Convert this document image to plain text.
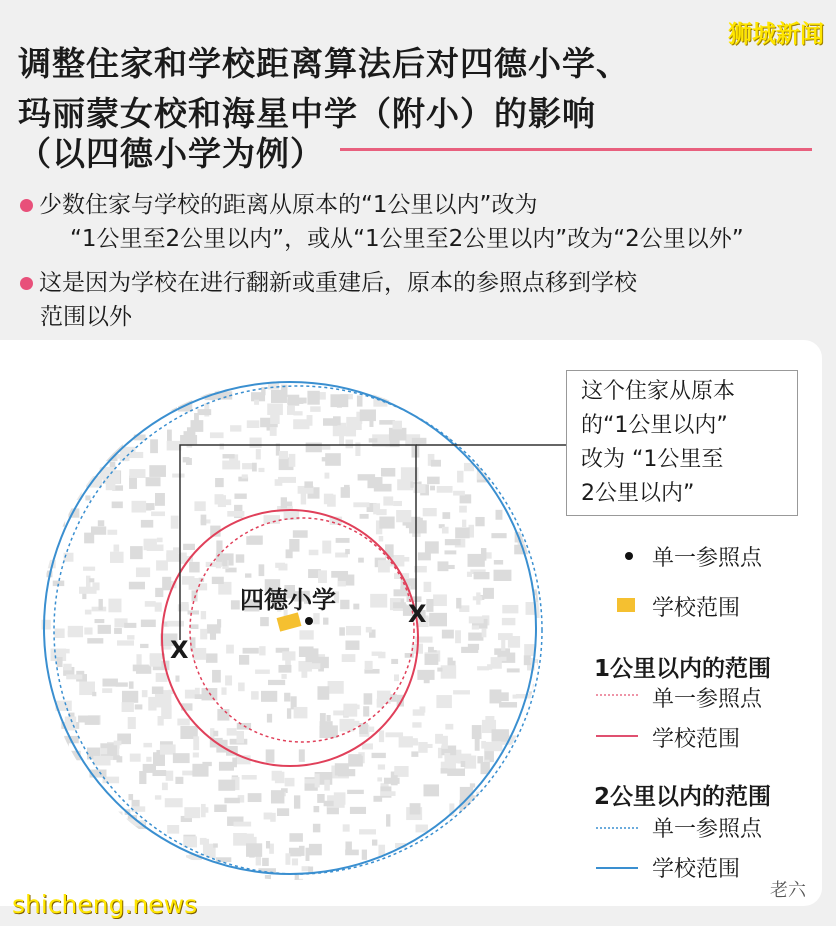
狮城新闻
调整住家和学校距离算法后对四德小学、
玛丽蒙女校和海星中学（附小）的影响
（以四德小学为例）
少数住家与学校的距离从原本的“1公里以内”改为
“1公里至2公里以内”，或从“1公里至2公里以内”改为“2公里以外”
这是因为学校在进行翻新或重建后，原本的参照点移到学校
范围以外
四德小学
X
X
这个住家从原本
的“1公里以内”
改为 “1公里至
2公里以内”
单一参照点
学校范围
1公里以内的范围
单一参照点
学校范围
2公里以内的范围
单一参照点
学校范围
shicheng.news	老六
